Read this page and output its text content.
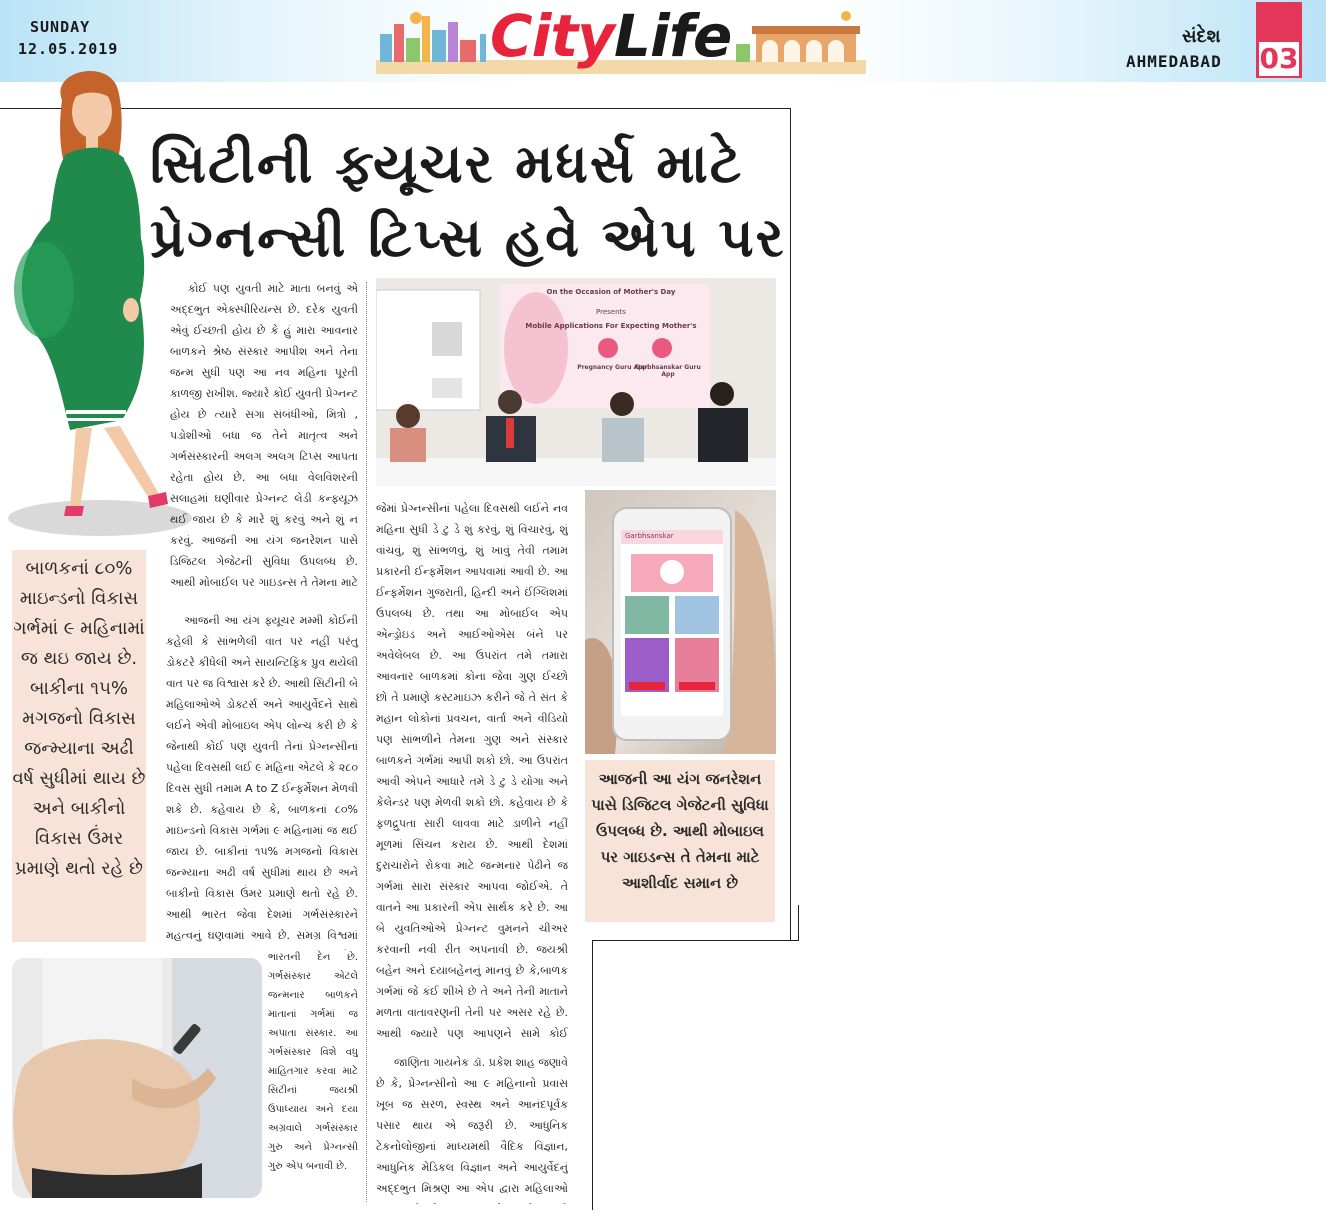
SUNDAY
12.05.2019	CityLife	સંદેશ
AHMEDABAD 03
સિટીની ફ્યૂચર મધર્સ માટે
પ્રેગ્નન્સી ટિપ્સ હવે એપ પર

કોઈ પણ યુવતી માટે માતા બનવું એ અદ્દભુત એક્સ્પીરિયન્સ છે. દરેક યુવતી એવું ઈચ્છતી હોય છે કે હું મારા આવનાર બાળકને શ્રેષ્ઠ સંસ્કાર આપીશ અને તેના જન્મ સુધી પણ આ નવ મહિના પૂરતી કાળજી રાખીશ. જ્યારે કોઈ યુવતી પ્રેગ્નન્ટ હોય છે ત્યારે સગા સંબંધીઓ, મિત્રો , પડોશીઓ બધા જ તેને માતૃત્વ અને ગર્ભસંસ્કારની અલગ અલગ ટિપ્સ આપતા રહેતા હોય છે. આ બધા વેલવિશરની સલાહમાં ઘણીવાર પ્રેગ્નન્ટ લેડી કન્ફ્યૂઝ થઈ જાય છે કે મારે શું કરવું અને શું ન કરવું. આજની આ યંગ જનરેશન પાસે ડિજિટલ ગેજેટની સુવિધા ઉપલબ્ધ છે. આથી મોબાઈલ પર ગાઇડન્સ તે તેમના માટે

આજની આ યંગ ફ્યૂચર મમ્મી કોઈની કહેલી કે સાંભળેલી વાત પર નહીં પરંતુ ડોકટરે કીધેલી અને સાયન્ટિફિક પ્રુવ થયેલી વાત પર જ વિશ્વાસ કરે છે. આથી સિટીની બે મહિલાઓએ ડોક્ટર્સ અને આયુર્વેદને સાથે લઈને એવી મોબાઇલ એપ લોન્ચ કરી છે કે જેનાથી કોઈ પણ યુવતી તેનાં પ્રેગ્નન્સીનાં પહેલા દિવસથી લઈ ૯ મહિના એટલે કે ૨૮૦ દિવસ સુધી તમામ A to Z ઈન્ફર્મેશન મેળવી શકે છે. કહેવાય છે કે, બાળકનાં ૮૦% માઇન્ડનો વિકાસ ગર્ભમાં ૯ મહિનામાં જ થઈ જાય છે. બાકીનાં ૧૫% મગજનો વિકાસ જન્મ્યાના અઢી વર્ષ સુધીમાં થાય છે અને બાકીનો વિકાસ ઉંમર પ્રમાણે થતો રહે છે. આથી ભારત જેવા દેશમાં ગર્ભસંસ્કારને મહત્વનું ઘણવામાં આવે છે. સમગ્ર વિશ્વમાં

ભારતની દેન છે. ગર્ભસંસ્કાર એટલે જન્મનાર બાળકને માતાનાં ગર્ભમાં જ અપાતા સંસ્કાર. આ ગર્ભસંસ્કાર વિશે વધુ માહિતગાર કરવા માટે સિટીનાં જયશ્રી ઉપાધ્યાય અને દયા અગ્રવાલે ગર્ભસંસ્કાર ગુરુ અને પ્રેગ્નન્સી ગુરુ એપ બનાવી છે.

જેમાં પ્રેગ્નન્સીનાં પહેલા દિવસથી લઈને નવ મહિના સુધી ડે ટુ ડે શું કરવું, શું વિચારવું, શું વાંચવું, શું સાંભળવું, શું ખાવું તેવી તમામ પ્રકારની ઈન્ફર્મેશન આપવામાં આવી છે. આ ઈન્ફર્મેશન ગુજરાતી, હિન્દી અને ઈંગ્લિશમાં ઉપલબ્ધ છે. તથા આ મોબાઈલ એપ એન્ડ્રોઇડ અને આઈઓએસ બંને પર અવેલેબલ છે. આ ઉપરાંત તમે તમારા આવનાર બાળકમાં કોના જેવા ગુણ ઈચ્છો છો તે પ્રમાણે કસ્ટમાઇઝ કરીને જે તે સંત કે મહાન લોકોનાં પ્રવચન, વાર્તા અને વીડિયો પણ સાંભળીને તેમના ગુણ અને સંસ્કાર બાળકને ગર્ભમાં આપી શકો છો. આ ઉપરાંત આવી એપને આધારે તમે ડે ટુ ડે યોગા અને કેલેન્ડર પણ મેળવી શકો છો. કહેવાય છે કે ફળદ્રુપતા સારી લાવવા માટે ડાળીને નહીં મૂળમાં સિંચન કરાય છે. આથી દેશમાં દુરાચારોને રોકવા માટે જન્મનાર પેઢીને જ ગર્ભમાં સારા સંસ્કાર આપવા જોઈએ. તે વાતને આ પ્રકારની એપ સાર્થક કરે છે. આ બે યુવતિઓએ પ્રેગ્નન્ટ વુમનને ચીઅર કરવાની નવી રીત અપનાવી છે. જયશ્રી બહેન અને દયાબહેનનું માનવું છે કે,બાળક ગર્ભમાં જે કંઈ શીખે છે તે અને તેની માતાને મળતા વાતાવરણની તેની પર અસર રહે છે. આથી જ્યારે પણ આપણને સામે કોઈ

જાણિતા ગાયનેક ડૉ. પ્રકેશ શાહ જણાવે છે કે, પ્રેગ્નન્સીનો આ ૯ મહિનાનો પ્રવાસ ખૂબ જ સરળ, સ્વસ્થ અને આનંદપૂર્વક પસાર થાય એ જરૂરી છે. આધુનિક ટેકનોલોજીનાં માધ્યમથી વૈદિક વિજ્ઞાન, આધુનિક મેડિકલ વિજ્ઞાન અને આયુર્વેદનું અદ્દભુત મિશ્રણ આ એપ દ્વારા મહિલાઓ

બાળકનાં ૮૦% માઇન્ડનો વિકાસ ગર્ભમાં ૯ મહિનામાં જ થઇ જાય છે. બાકીના ૧૫% મગજનો વિકાસ જન્મ્યાના અઢી વર્ષ સુધીમાં થાય છે અને બાકીનો વિકાસ ઉંમર પ્રમાણે થતો રહે છે
આજની આ યંગ જનરેશન પાસે ડિજિટલ ગેજેટની સુવિધા ઉપલબ્ધ છે. આથી મોબાઇલ પર ગાઇડન્સ તે તેમના માટે આશીર્વાદ સમાન છે
On the Occasion of Mother's Day
Presents
Mobile Applications For Expecting Mother's
Pregnancy Guru App
Garbhsanskar Guru App
Garbhsanskar
